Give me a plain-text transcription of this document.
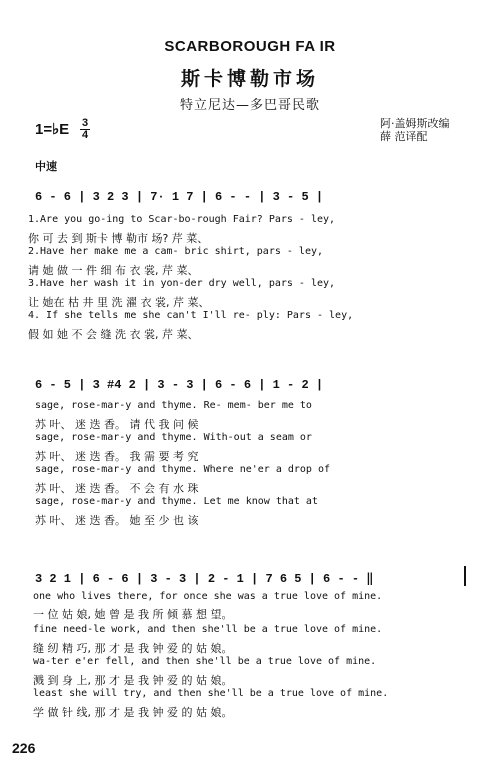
SCARBOROUGH FA IR
斯卡博勒市场
特立尼达—多巴哥民歌
1=♭E 3
4
阿·盖姆斯改编
薛 范译配
中速
6 - 6 | 3 2 3 | 7· 1 7 | 6 - - | 3 - 5 |
1.Are you go-ing to Scar-bo-rough Fair? Pars - ley,
你 可 去 到 斯卡 博 勒市 场? 芹 菜、
2.Have her make me a cam- bric shirt, pars - ley,
请 她 做 一 件 细 布 衣 裳, 芹 菜、
3.Have her wash it in yon-der dry well, pars - ley,
让 她在 枯 井 里 洗 濯 衣 裳, 芹 菜、
4. If she tells me she can't I'll re- ply: Pars - ley,
假 如 她 不 会 缝 洗 衣 裳, 芹 菜、
6 - 5 | 3 #4 2 | 3 - 3 | 6 - 6 | 1 - 2 |
sage, rose-mar-y and thyme. Re- mem- ber me to
苏 叶、 迷 迭 香。 请 代 我 问 候
sage, rose-mar-y and thyme. With-out a seam or
苏 叶、 迷 迭 香。 我 需 要 考 究
sage, rose-mar-y and thyme. Where ne'er a drop of
苏 叶、 迷 迭 香。 不 会 有 水 珠
sage, rose-mar-y and thyme. Let me know that at
苏 叶、 迷 迭 香。 她 至 少 也 该
3 2 1 | 6 - 6 | 3 - 3 | 2 - 1 | 7 6 5 | 6 - - ‖
one who lives there, for once she was a true love of mine.
一 位 姑 娘, 她 曾 是 我 所 倾 慕 想 望。
fine need-le work, and then she'll be a true love of mine.
缝 纫 精 巧, 那 才 是 我 钟 爱 的 姑 娘。
wa-ter e'er fell, and then she'll be a true love of mine.
溅 到 身 上, 那 才 是 我 钟 爱 的 姑 娘。
least she will try, and then she'll be a true love of mine.
学 做 针 线, 那 才 是 我 钟 爱 的 姑 娘。
226
